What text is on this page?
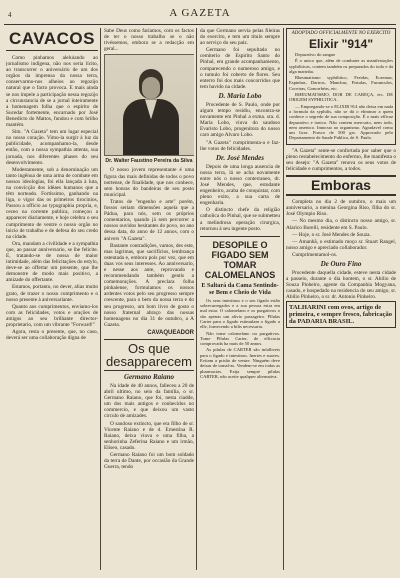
A GAZETA
4
CAVACOS

Como pinhamos aleluiando ao jornalismo indígena, não nos seria lícito, ao transcorrer o aniversário de um dos orgãos da imprensa da nossa terra, conservarmo-nos alheios ao regozijo natural que o facto provoca. E mais ainda se nos impele a participação nessa regozijo a circunstancia de se a jornal inteiramente a homenagem folha que o espírito de Sucedar fortemente, encarnado por José Benedicto do Mattos, fundou e com brilho mantém.

Sim. "A Gazeta" tem um lugar especial no nosso coração. Vimo-la surgir à luz da publicidade, acompanhamo-la, desde então, com a nossa sympathia attenta, sua jornada, nos diferentes phases do seu desenvolvimento.

Modestamente, sob a denominação um tanto ingênua de uma arma de combate em nossos ideologias, foi ella lançada à luta, na convicção dos idéaes humanos que a têm norteado. Fortíssimo, ganhando na liga, o vigor das os primeiros tirocinios, Passou a officio ao typographia propria, e, ceceo na corrente publica, começou a apparecer diariamente, e hoje celebra o seu cumprimento de ventre o nosso orgão no inicio de trabalho e de defesa do seu credo na cidade.

Ora, mandam a civilidade e a sympathia que, ao passar anniversario, se lhe felicite. E, tratando-se de nossa de maior intimidade, além das felicitações do estylo, deve-se ao offertar um presente, que lhe demonstre de modo mais positivo, a amizade do offertante.

Estamos, portanto, no dever, alias muito grato, de trazer o nosso cumprimento e o nosso presente à aniversariante.

Quanto aos cumprimentos, enviamo-los com as felicidades, votos e orações de amigos ao seu brilhante director-proprietario, com um vibrante "Forward!"

Agora, resta o presente, que, no caso, deverá ser uma collaboração digna de

Sabe Deus como faríamos, com os factos de ter o nosso trabalho se o não tivéssemos, embora se a redacção em geral...

Dr. Walter Faustino Pereira da Silva

O nosso jovem representante é uma figura das mais definidas de todos o povo nortense, de finalidade, que nos conhece, sem honras do bandeiras de seu posto municipal.

Tratos de "engenho e arte" porém, fossos seriam dimensões aquela que a Pádua, para nós, sem os próprios comentarios, quando já sem percorrer a nossos ouvidos hesitantes do povo, no ano dessa data, do anno de 12 annos, com o anivers "A Gazeta".

Bastante contradições, vamos, des este, mas lagrimas, que sacrifícios, lembrança ostentada e, embora pois por vez, que em duas vos seus interesses. Ao anniversario, e nesse aos ante, reprovando e recommendando também gentis a comemorações. A preclara folha pinhalense, formulamos os nossos ardentes votos pelo seu progresso sempre crescente, para o bem da nossa terra e do seu progresso, um bom livro de gosto o nosso fraternal abraço das nossas homenagens no dia 31 de outubro, a A Gazeta.

CAVAQUEADOR
Os que desapparecem
Germano Raiano

Na idade de 40 annos, falleceu a 20 de abril ultimo, no seio da família, o sr. Germano Raiano, que foi, nesta ciadde, um dos mais antigos e conhecidos no commercio, e que deixou um vasto circulo de amizades.

O saudoso extincto, que era filho de sr. Vicente Raiano e de d. Ernestina R. Raiano, deixa viuva e uma filha, a senhorinha Zeferina Raiano e um irmão, Elíseo, casado.

Germano Raiano foi um bom soldado da terra de Dante, por occasião da Grande Guerra, tendo

da que Germano servia pelas fileiras do exercito, e tem um titulo sempre ao serviço do seu paiz.

Germano foi sepultado no cemiterio de Espirito Santo do Pinhal, em grande acompanhamento, comparecendo o numeroso amigo, e o tumulo foi coberto de flores. Seu enterro foi dos mais concorridos que tem havido na cidade.

D. Maria Lobo

Procedente de S. Paulo, onde por algum tempo residiu, encontra-se novamente em Pinhal a exma. sra. d. Maria Lobo, viuva do saudoso Evaristo Lobo, progenitora do nosso caro amigo Alvaro Lobo.

"A Gazeta" cumprimenta-a e faz-lhe votos de felicidades.

Dr. José Mendes

Depois de uma longa ausencia de nossa terra, lá se acha novamente entre nós o nosso conterraneo, dr. José Mendes, que, estudante engenheiro, acaba de conquistar, com pleno exito, a sua carta de engenharia.

O distincto chefe da religião catholica do Pinhal, que se submetteu a melindrosa operação cirurgica, retornou á seu ingente posto.

DESOPILE O FIGADO SEM TOMAR CALOMELANOS
E Saltará da Cama Sentindo-se Bem e Cheio de Vida

Os seus intestinos e o seu figado estão sobrecarregados e a sua pessoa estra em mal estar. O calomelano e os purgativos o são apenas um alivio passageiro. Pílulas Carter para o figado estimulam o figado a elle, fornecendo a bilis necessaria.

Não tome calomelano ou purgativos. Tome Pílulas Carter, de efficacia comprovada ha mais de 50 annos.

As pilulas de CARTER são infalliveis para o figado e intestinos. Inertes e suaves. Evitam a prisão de ventre. Ninguém deve deixar de tomal-as. Vendem-se em todas as pharmacias. Exija sempre pilulas CARTER, não aceite qualquer alternativa.

ADOPTADO OFFICIALMENTE NO EXERCITO
Elixir "914"

Depurativo do sangue

É o unico que, além de combater as manifestações syphiliticas, contem também os preparados do iodo e da alga marinha.

Rheumatismo syphilitico, Feridas, Eczemas, Espinhas, Dartros, Manchas, Fistulas, Furunculos, Coceiras, Gonorrhéas, etc.

RHEUMATISMO, DOR DE CABEÇA, etc. DE ORIGEM SYPHILITICA.

— Empregando-se o ELIXIR 914 não deixa em nada a formula da syphilis, não se dá o eliminar a quem conhece o segredo de sua composição. É o mais efficaz depurativo e tonico. Não contem mercurio, nem iodo, nem arsenico. Innocuo ao organismo. Agradavel como um licor. Frasco de 500 grs. Approvado pelo Departamento de Saude Publica, de S. Paulo.

"A Gazeta" sente-se confortada por saber que o pleno restabelecimento do enfermo, lhe manifesta o seu desejo: "A Gazeta" renova os seus votos de felicidade e cumprimentos, a todos.

Emboras

Completa no dia 2 de outubro, o mais um anniversario, a menina Georgina Riso, filha do sr. José Olympio Riso.

— No mesmo dia, o distincto nosso amigo, sr. Alarico Borelli, residente em S. Paulo.

— Hoje, o sr. José Mendes de Souza.

— Amanhã, o estimado moço sr. Stuart Rangel, nosso amigo e apreciado collaborador.

Cumprimentamol-os.

De Ouro Fino

Procedente daquella cidade, esteve nesta cidade a passeio, durante o dia hontem, o sr. Abilio de Souza Pinheiro, agente da Companhia Mogyana, casado, e hospedado na residencia do seu amigo, sr. Abilio Pinheiro, o sr. dr. Antonio Pinheiro.

TALHARINI com ovos, artigo de primeira, e sempre fresco, fabricação da PADARIA BRASIL.
